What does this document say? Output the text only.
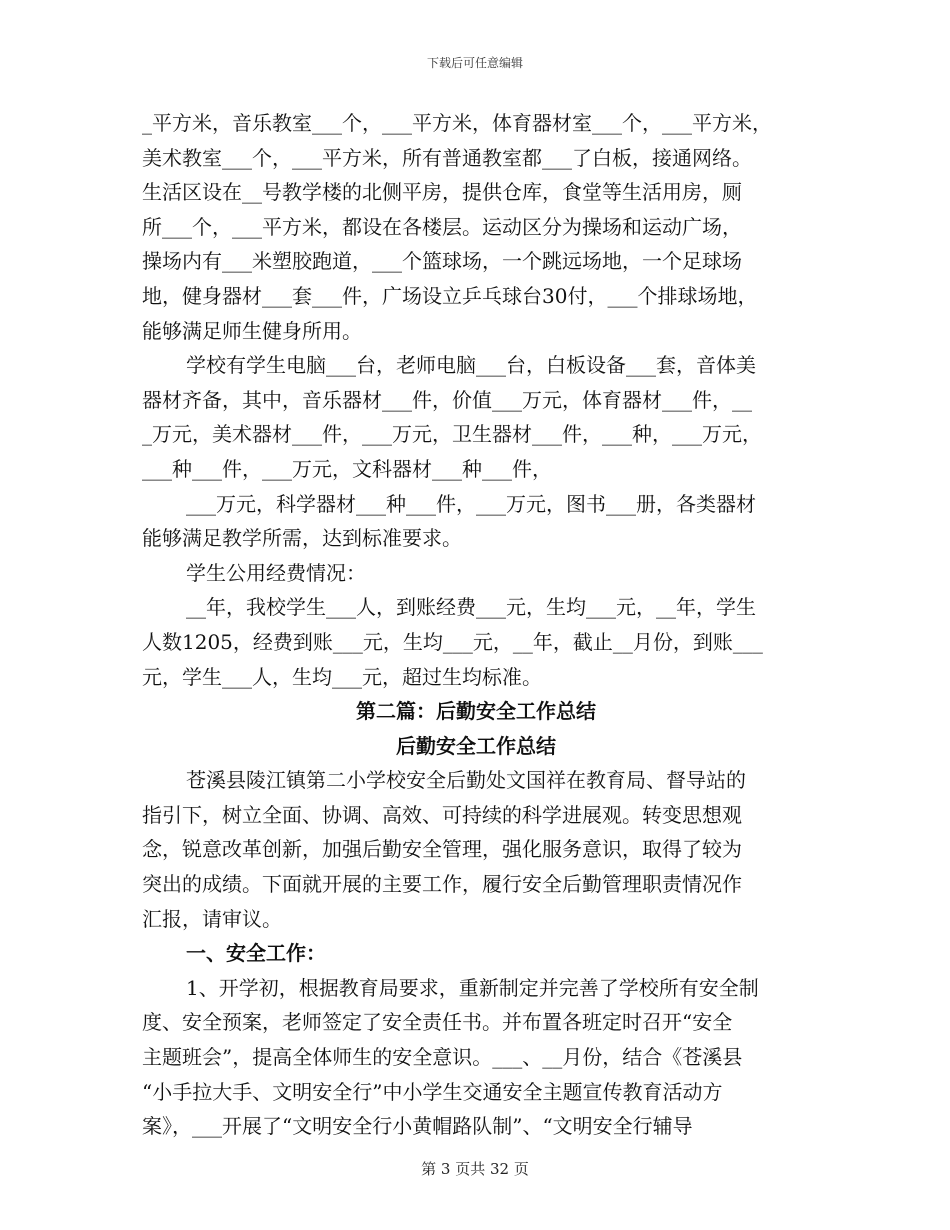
下载后可任意编辑
_平方米，音乐教室___个，___平方米，体育器材室___个，___平方米，
美术教室___个，___平方米，所有普通教室都___了白板，接通网络。
生活区设在__号教学楼的北侧平房，提供仓库，食堂等生活用房，厕
所___个，___平方米，都设在各楼层。运动区分为操场和运动广场，
操场内有___米塑胶跑道，___个篮球场，一个跳远场地，一个足球场
地，健身器材___套___件，广场设立乒乓球台30付，___个排球场地，
能够满足师生健身所用。
学校有学生电脑___台，老师电脑___台，白板设备___套，音体美
器材齐备，其中，音乐器材___件，价值___万元，体育器材___件，__
_万元，美术器材___件，___万元，卫生器材___件，___种，___万元，
___种___件，___万元，文科器材___种___件，
___万元，科学器材___种___件，___万元，图书___册，各类器材
能够满足教学所需，达到标准要求。
学生公用经费情况：
__年，我校学生___人，到账经费___元，生均___元，__年，学生
人数1205，经费到账___元，生均___元，__年，截止__月份，到账___
元，学生___人，生均___元，超过生均标准。
第二篇：后勤安全工作总结
后勤安全工作总结
苍溪县陵江镇第二小学校安全后勤处文国祥在教育局、督导站的
指引下，树立全面、协调、高效、可持续的科学进展观。转变思想观
念，锐意改革创新，加强后勤安全管理，强化服务意识，取得了较为
突出的成绩。下面就开展的主要工作，履行安全后勤管理职责情况作
汇报，请审议。
一、安全工作：
1、开学初，根据教育局要求，重新制定并完善了学校所有安全制
度、安全预案，老师签定了安全责任书。并布置各班定时召开“安全
主题班会”，提高全体师生的安全意识。___、__月份，结合《苍溪县
“小手拉大手、文明安全行”中小学生交通安全主题宣传教育活动方
案》，___开展了“文明安全行小黄帽路队制”、“文明安全行辅导
第 3 页共 32 页
